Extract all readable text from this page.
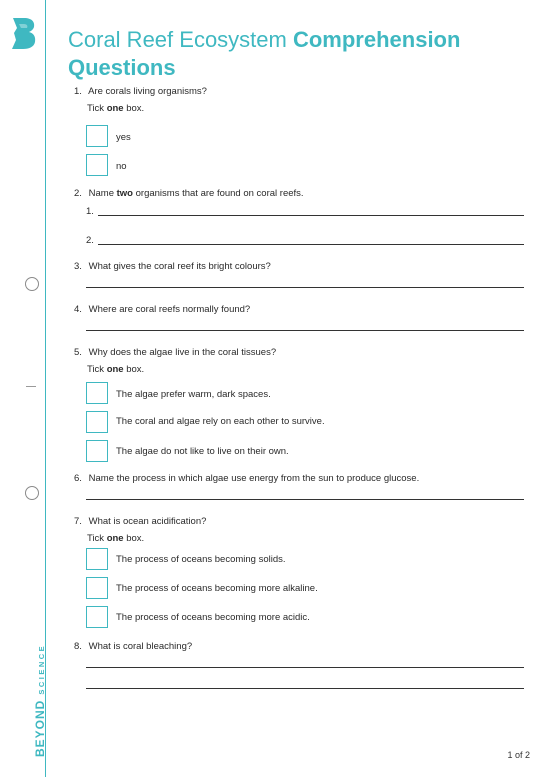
BEYONDSCIENCE
Coral Reef Ecosystem Comprehension
Questions
1. Are corals living organisms?
Tick one box.
yes
no
2. Name two organisms that are found on coral reefs.
1.
2.
3. What gives the coral reef its bright colours?
4. Where are coral reefs normally found?
5. Why does the algae live in the coral tissues?
Tick one box.
The algae prefer warm, dark spaces.
The coral and algae rely on each other to survive.
The algae do not like to live on their own.
6. Name the process in which algae use energy from the sun to produce glucose.
7. What is ocean acidification?
Tick one box.
The process of oceans becoming solids.
The process of oceans becoming more alkaline.
The process of oceans becoming more acidic.
8. What is coral bleaching?
1 of 2
